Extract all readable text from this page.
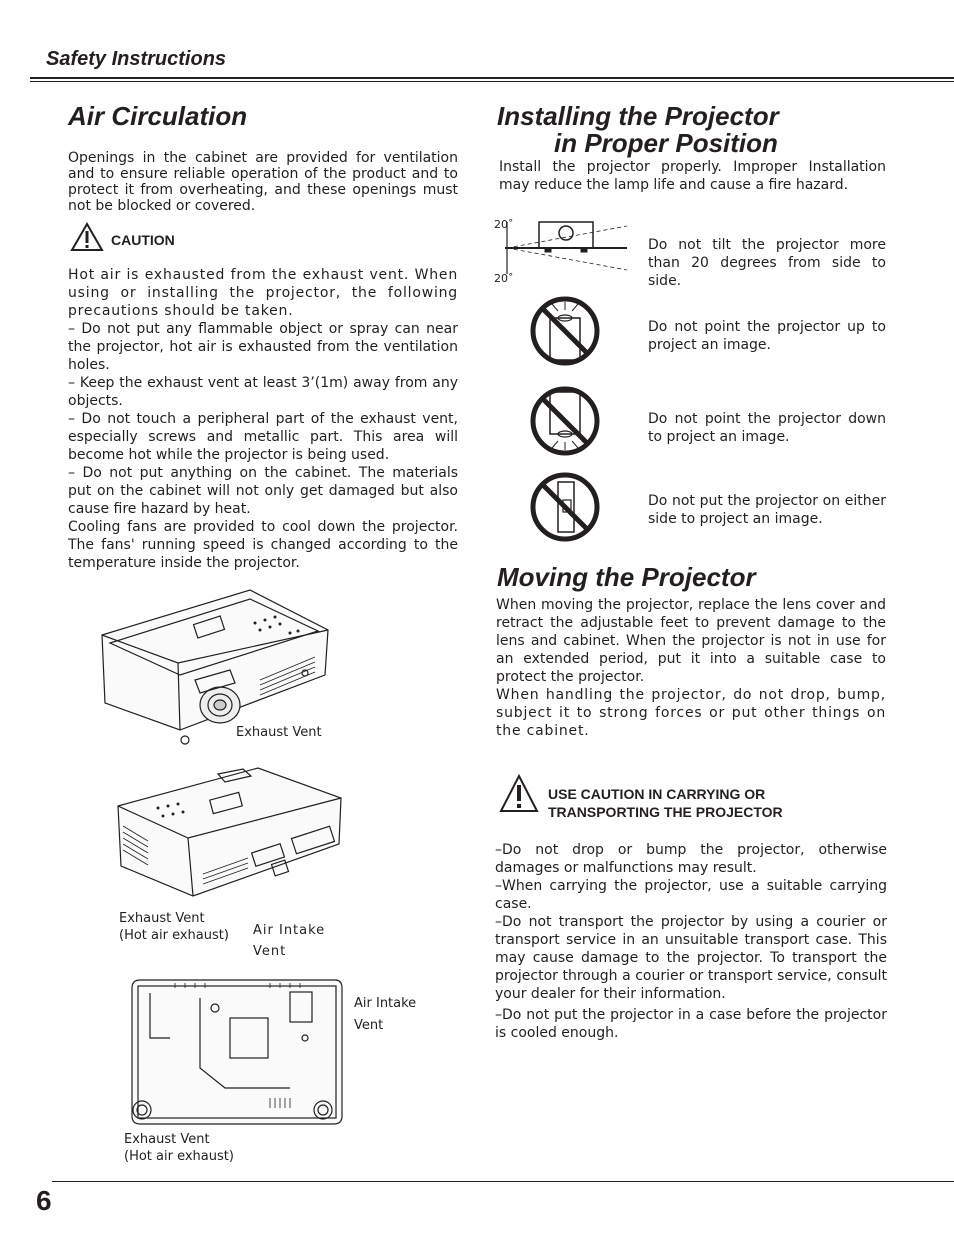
Safety Instructions
Air Circulation
Openings in the cabinet are provided for ventilation and to ensure reliable operation of the product and to protect it from overheating, and these openings must not be blocked or covered.
CAUTION

Hot air is exhausted from the exhaust vent. When using or installing the projector, the following precautions should be taken.

– Do not put any flammable object or spray can near the projector, hot air is exhausted from the ventilation holes.

– Keep the exhaust vent at least 3’(1m) away from any objects.

– Do not touch a peripheral part of the exhaust vent, especially screws and metallic part. This area will become hot while the projector is being used.

– Do not put anything on the cabinet. The materials put on the cabinet will not only get damaged but also cause fire hazard by heat.

Cooling fans are provided to cool down the projector. The fans' running speed is changed according to the temperature inside the projector.

Exhaust Vent
Exhaust Vent
(Hot air exhaust) Air Intake
Vent
Air Intake
Vent
Exhaust Vent
(Hot air exhaust)
Installing the Projector
in Proper Position
Install the projector properly. Improper Installation may reduce the lamp life and cause a fire hazard.
20˚
20˚
Do not tilt the projector more than 20 degrees from side to side.
Do not point the projector up to project an image.
Do not point the projector down to project an image.
Do not put the projector on either side to project an image.
Moving the Projector

When moving the projector, replace the lens cover and retract the adjustable feet to prevent damage to the lens and cabinet. When the projector is not in use for an extended period, put it into a suitable case to protect the projector.

When handling the projector, do not drop, bump, subject it to strong forces or put other things on the cabinet.

USE CAUTION IN CARRYING OR
TRANSPORTING THE PROJECTOR

–Do not drop or bump the projector, otherwise damages or malfunctions may result.

–When carrying the projector, use a suitable carrying case.

–Do not transport the projector by using a courier or transport service in an unsuitable transport case. This may cause damage to the projector. To transport the projector through a courier or transport service, consult your dealer for their information.

–Do not put the projector in a case before the projector is cooled enough.

6
